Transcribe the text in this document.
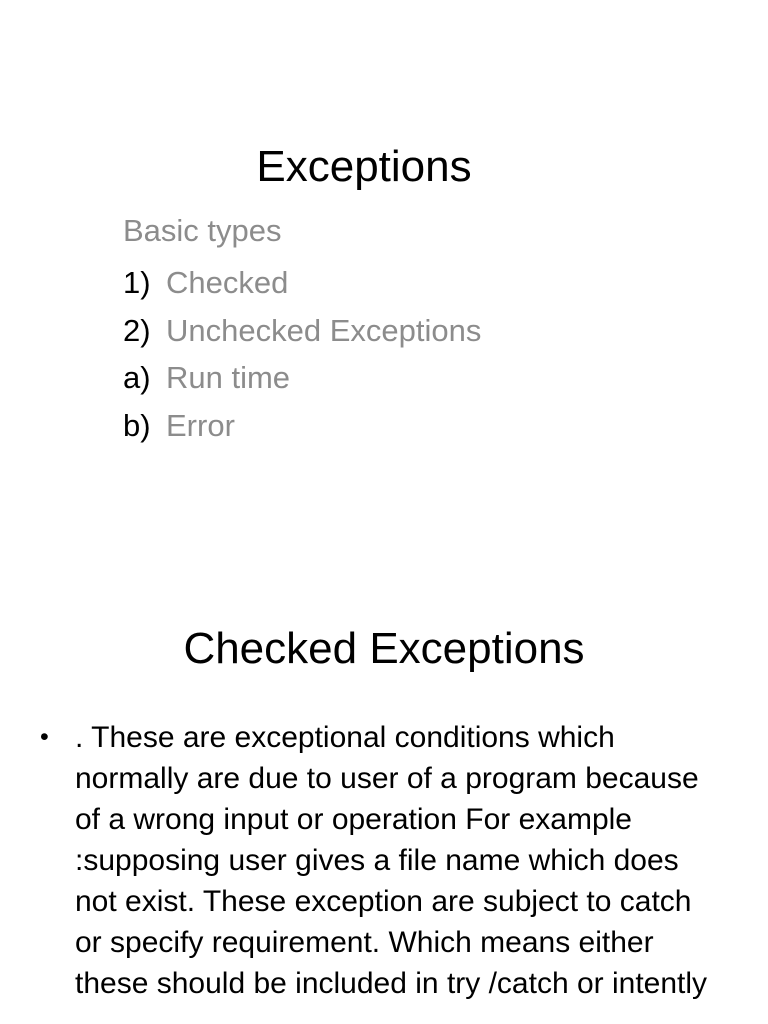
Exceptions
Basic types
1) Checked
2) Unchecked Exceptions
a) Run time
b) Error
Checked Exceptions
• . These are exceptional conditions which normally are due to user of a program because of a wrong input or operation For example :supposing user gives a file name which does not exist. These exception are subject to catch or specify requirement. Which means either these should be included in try /catch or intently
